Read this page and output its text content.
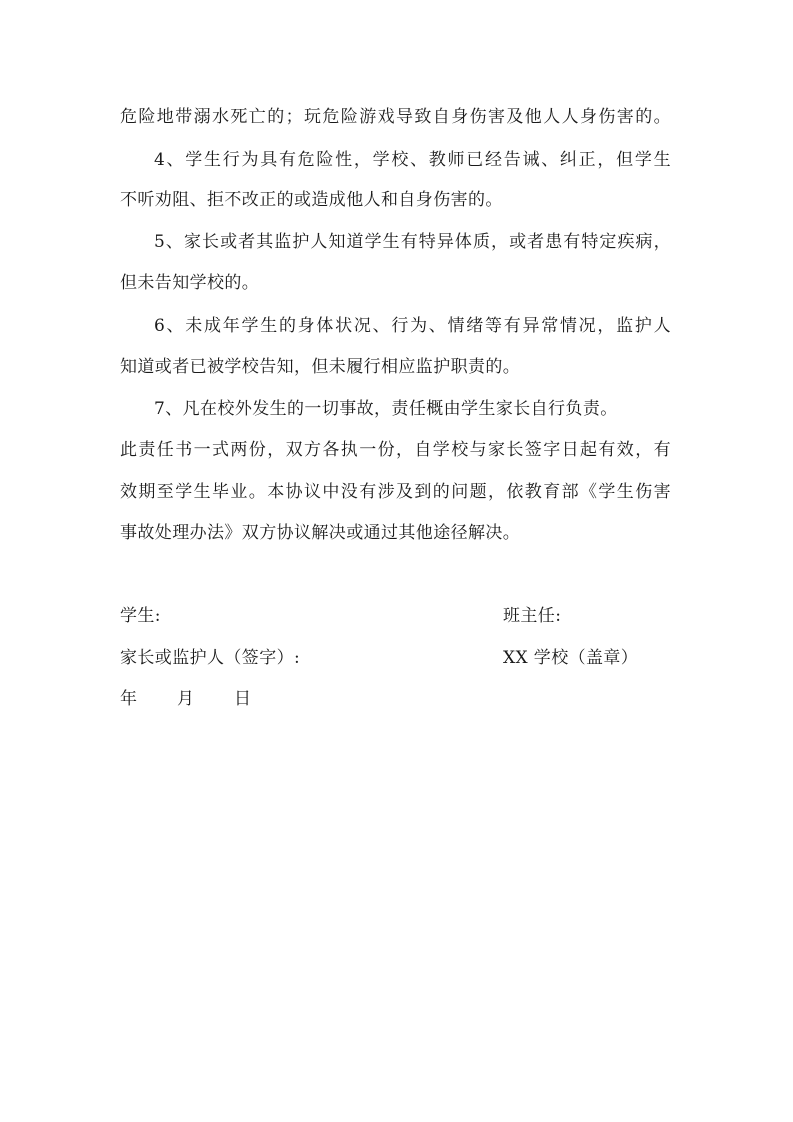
危险地带溺水死亡的；玩危险游戏导致自身伤害及他人人身伤害的。
4、学生行为具有危险性，学校、教师已经告诫、纠正，但学生
不听劝阻、拒不改正的或造成他人和自身伤害的。
5、家长或者其监护人知道学生有特异体质，或者患有特定疾病，
但未告知学校的。
6、未成年学生的身体状况、行为、情绪等有异常情况，监护人
知道或者已被学校告知，但未履行相应监护职责的。
7、凡在校外发生的一切事故，责任概由学生家长自行负责。
此责任书一式两份，双方各执一份，自学校与家长签字日起有效，有
效期至学生毕业。本协议中没有涉及到的问题，依教育部《学生伤害
事故处理办法》双方协议解决或通过其他途径解决。
学生:	班主任:
家长或监护人（签字）:	XX 学校（盖章）
年 月 日
